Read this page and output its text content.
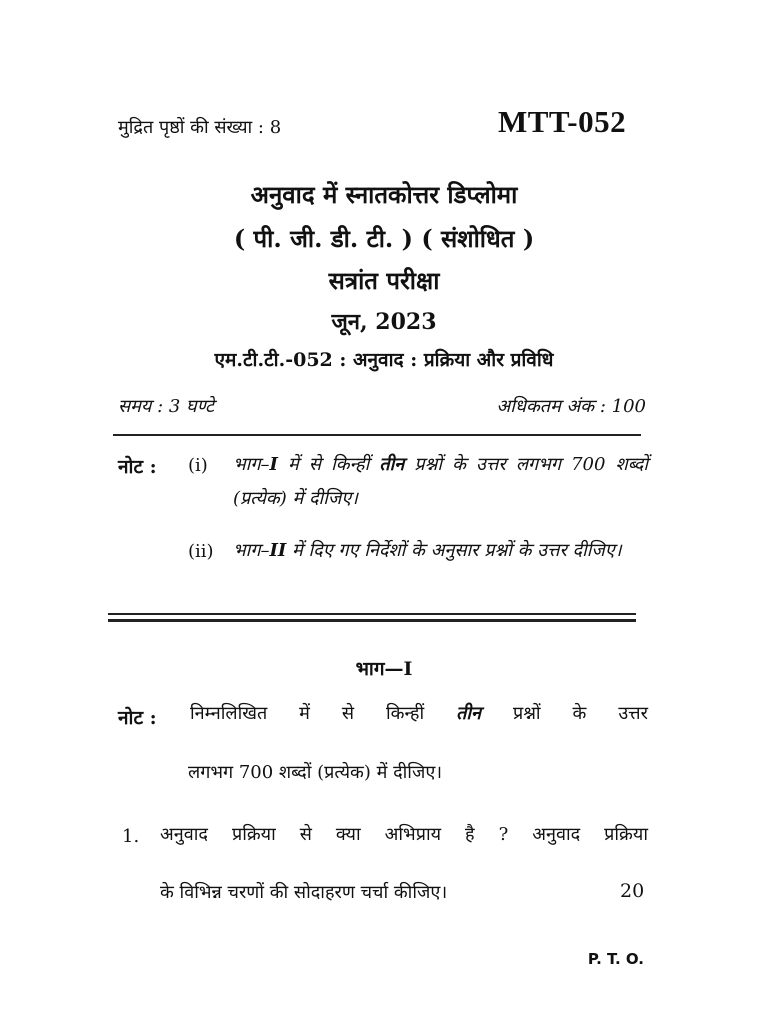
मुद्रित पृष्ठों की संख्या : 8	MTT-052
अनुवाद में स्नातकोत्तर डिप्लोमा
( पी. जी. डी. टी. ) ( संशोधित )
सत्रांत परीक्षा
जून, 2023
एम.टी.टी.-052 : अनुवाद : प्रक्रिया और प्रविधि
समय : 3 घण्टे	अधिकतम अंक : 100
नोट : (i) भाग–I में से किन्हीं तीन प्रश्नों के उत्तर लगभग 700 शब्दों (प्रत्येक) में दीजिए।
(ii) भाग–II में दिए गए निर्देशों के अनुसार प्रश्नों के उत्तर दीजिए।
भाग—I
नोट : निम्नलिखित में से किन्हीं तीन प्रश्नों के उत्तर
लगभग 700 शब्दों (प्रत्येक) में दीजिए।
1. अनुवाद प्रक्रिया से क्या अभिप्राय है ? अनुवाद प्रक्रिया
के विभिन्न चरणों की सोदाहरण चर्चा कीजिए।	20
P. T. O.
